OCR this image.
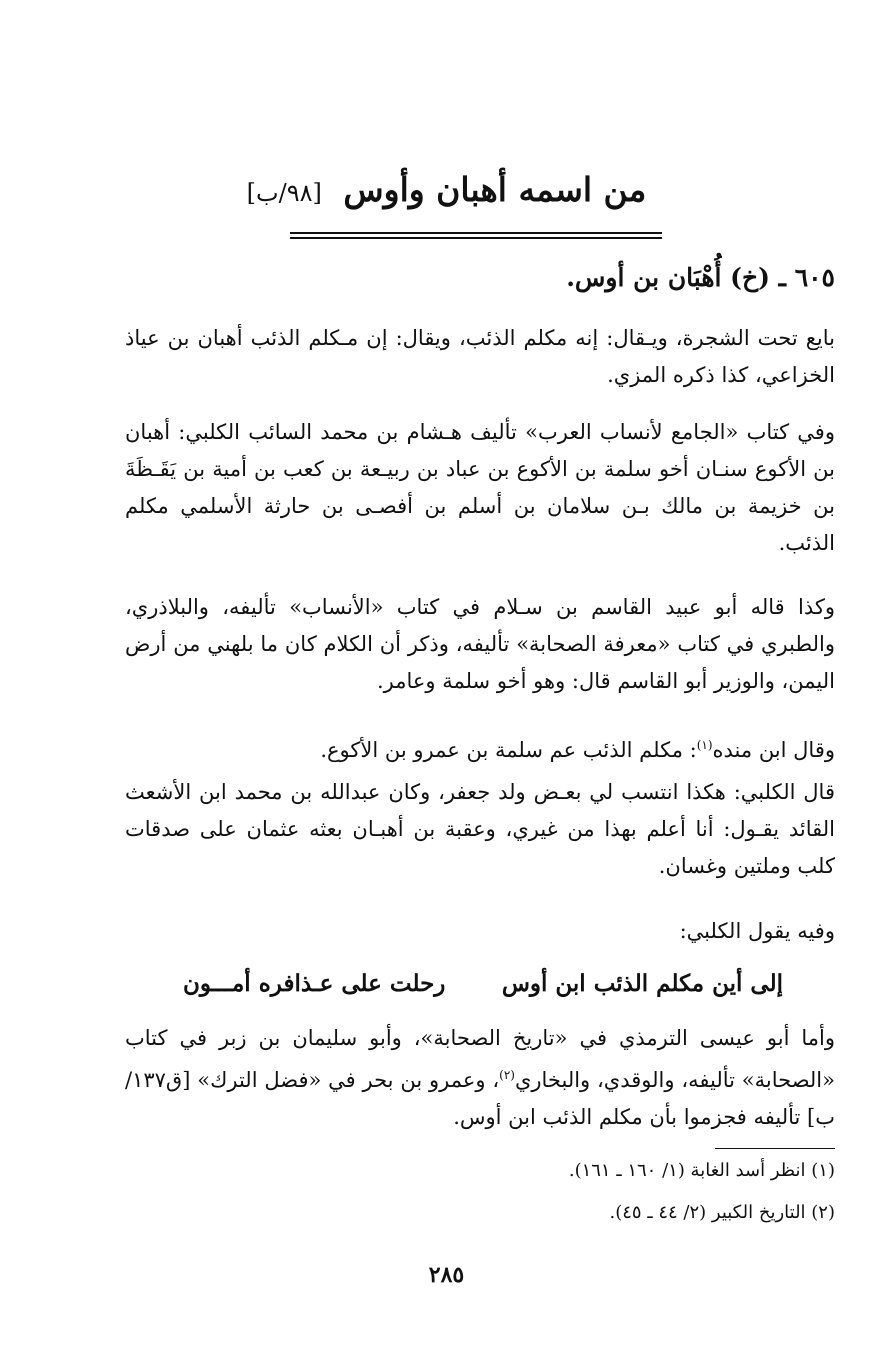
من اسمه أهبان وأوس [٩٨/ب]
٦٠٥ ـ (خ) أُهْبَان بن أوس.
بايع تحت الشجرة، ويـقال: إنه مكلم الذئب، ويقال: إن مـكلم الذئب أهبان بن عياذ الخزاعي، كذا ذكره المزي.
وفي كتاب «الجامع لأنساب العرب» تأليف هـشام بن محمد السائب الكلبي: أهبان بن الأكوع سنـان أخو سلمة بن الأكوع بن عباد بن ربيـعة بن كعب بن أمية بن يَقَـظَةَ بن خزيمة بن مالك بـن سلامان بن أسلم بن أفصـى بن حارثة الأسلمي مكلم الذئب.
وكذا قاله أبو عبيد القاسم بن سـلام في كتاب «الأنساب» تأليفه، والبلاذري، والطبري في كتاب «معرفة الصحابة» تأليفه، وذكر أن الكلام كان ما بلهني من أرض اليمن، والوزير أبو القاسم قال: وهو أخو سلمة وعامر.
وقال ابن منده$^{(١)}$: مكلم الذئب عم سلمة بن عمرو بن الأكوع.
قال الكلبي: هكذا انتسب لي بعـض ولد جعفر، وكان عبدالله بن محمد ابن الأشعث القائد يقـول: أنا أعلم بهذا من غيري، وعقبة بن أهبـان بعثه عثمان على صدقات كلب وملتين وغسان.
وفيه يقول الكلبي:
إلى أين مكلم الذئب ابن أوس
رحلت على عـذافره أمـــون
وأما أبو عيسى الترمذي في «تاريخ الصحابة»، وأبو سليمان بن زبر في كتاب «الصحابة» تأليفه، والوقدي، والبخاري$^{(٢)}$، وعمرو بن بحر في «فضل الترك» [ق١٣٧/ب] تأليفه فجزموا بأن مكلم الذئب ابن أوس.
(١) انظر أسد الغابة (١/ ١٦٠ ـ ١٦١).
(٢) التاريخ الكبير (٢/ ٤٤ ـ ٤٥).
٢٨٥
